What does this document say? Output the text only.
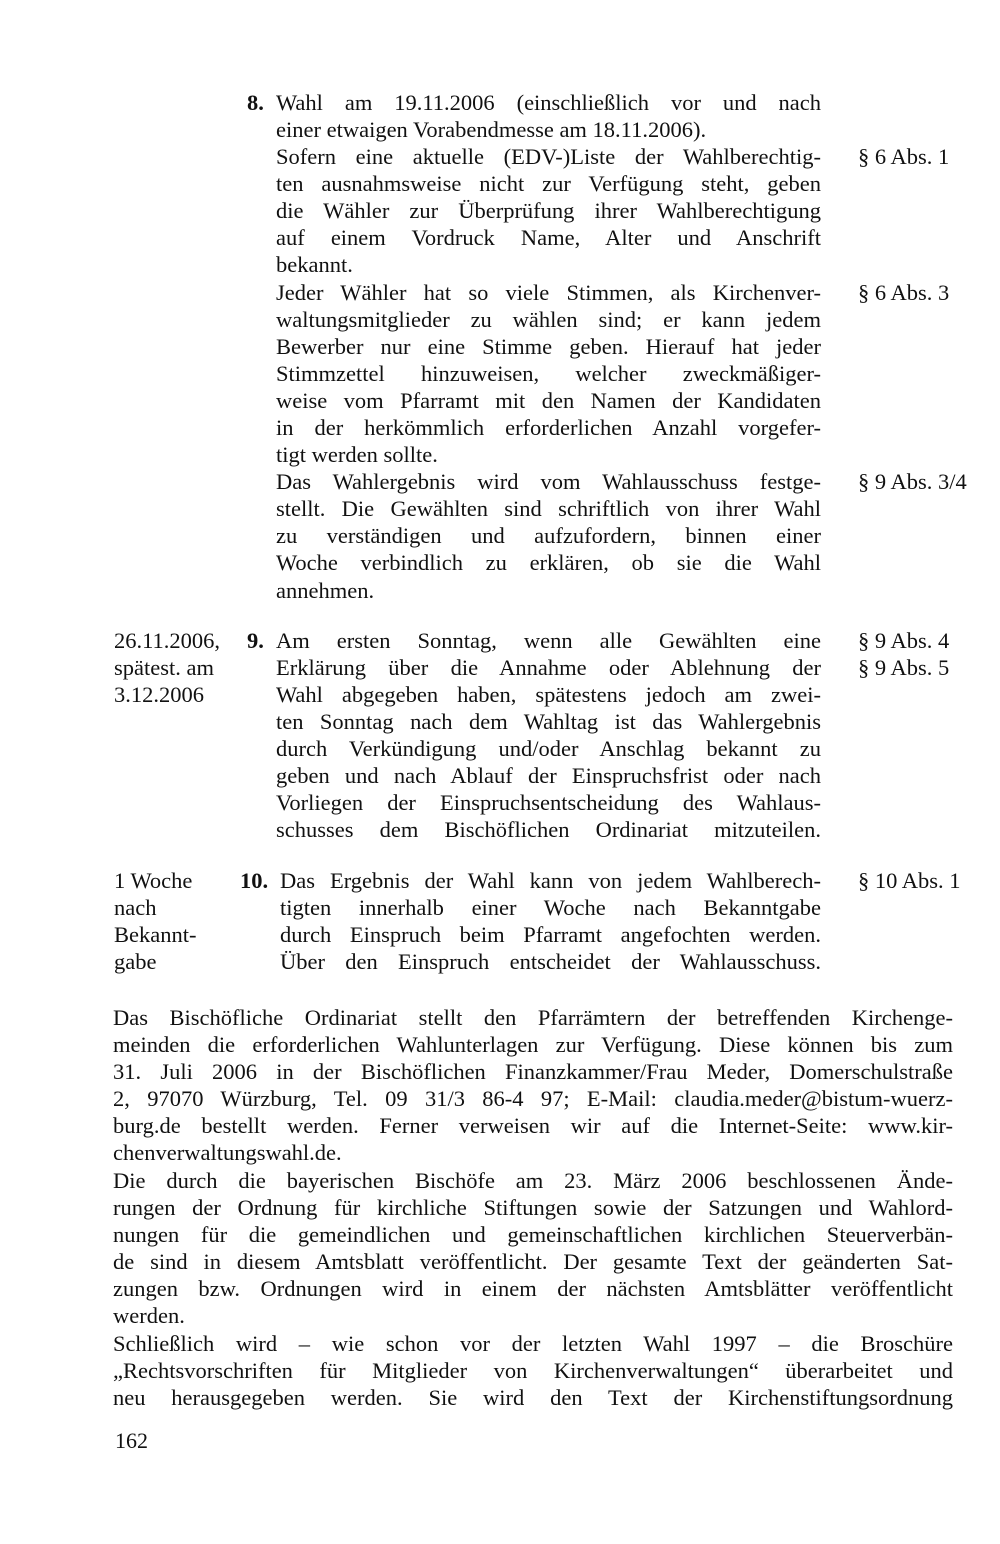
8. Wahl am 19.11.2006 (einschließlich vor und nach
einer etwaigen Vorabendmesse am 18.11.2006).
Sofern eine aktuelle (EDV-)Liste der Wahlberechtig-
ten ausnahmsweise nicht zur Verfügung steht, geben
die Wähler zur Überprüfung ihrer Wahlberechtigung
auf einem Vordruck Name, Alter und Anschrift
bekannt.
Jeder Wähler hat so viele Stimmen, als Kirchenver-
waltungsmitglieder zu wählen sind; er kann jedem
Bewerber nur eine Stimme geben. Hierauf hat jeder
Stimmzettel hinzuweisen, welcher zweckmäßiger-
weise vom Pfarramt mit den Namen der Kandidaten
in der herkömmlich erforderlichen Anzahl vorgefer-
tigt werden sollte.
Das Wahlergebnis wird vom Wahlausschuss festge-
stellt. Die Gewählten sind schriftlich von ihrer Wahl
zu verständigen und aufzufordern, binnen einer
Woche verbindlich zu erklären, ob sie die Wahl
annehmen.
§ 6 Abs. 1
§ 6 Abs. 3
§ 9 Abs. 3/4
26.11.2006,
spätest. am
3.12.2006
9. Am ersten Sonntag, wenn alle Gewählten eine
Erklärung über die Annahme oder Ablehnung der
Wahl abgegeben haben, spätestens jedoch am zwei-
ten Sonntag nach dem Wahltag ist das Wahlergebnis
durch Verkündigung und/oder Anschlag bekannt zu
geben und nach Ablauf der Einspruchsfrist oder nach
Vorliegen der Einspruchsentscheidung des Wahlaus-
schusses dem Bischöflichen Ordinariat mitzuteilen.
§ 9 Abs. 4
§ 9 Abs. 5
1 Woche
nach
Bekannt-
gabe
10. Das Ergebnis der Wahl kann von jedem Wahlberech-
tigten innerhalb einer Woche nach Bekanntgabe
durch Einspruch beim Pfarramt angefochten werden.
Über den Einspruch entscheidet der Wahlausschuss.
§ 10 Abs. 1
Das Bischöfliche Ordinariat stellt den Pfarrämtern der betreffenden Kirchenge-
meinden die erforderlichen Wahlunterlagen zur Verfügung. Diese können bis zum
31. Juli 2006 in der Bischöflichen Finanzkammer/Frau Meder, Domerschulstraße
2, 97070 Würzburg, Tel. 09 31/3 86-4 97; E-Mail: claudia.meder@bistum-wuerz-
burg.de bestellt werden. Ferner verweisen wir auf die Internet-Seite: www.kir-
chenverwaltungswahl.de.
Die durch die bayerischen Bischöfe am 23. März 2006 beschlossenen Ände-
rungen der Ordnung für kirchliche Stiftungen sowie der Satzungen und Wahlord-
nungen für die gemeindlichen und gemeinschaftlichen kirchlichen Steuerverbän-
de sind in diesem Amtsblatt veröffentlicht. Der gesamte Text der geänderten Sat-
zungen bzw. Ordnungen wird in einem der nächsten Amtsblätter veröffentlicht
werden.
Schließlich wird – wie schon vor der letzten Wahl 1997 – die Broschüre
„Rechtsvorschriften für Mitglieder von Kirchenverwaltungen“ überarbeitet und
neu herausgegeben werden. Sie wird den Text der Kirchenstiftungsordnung
162
